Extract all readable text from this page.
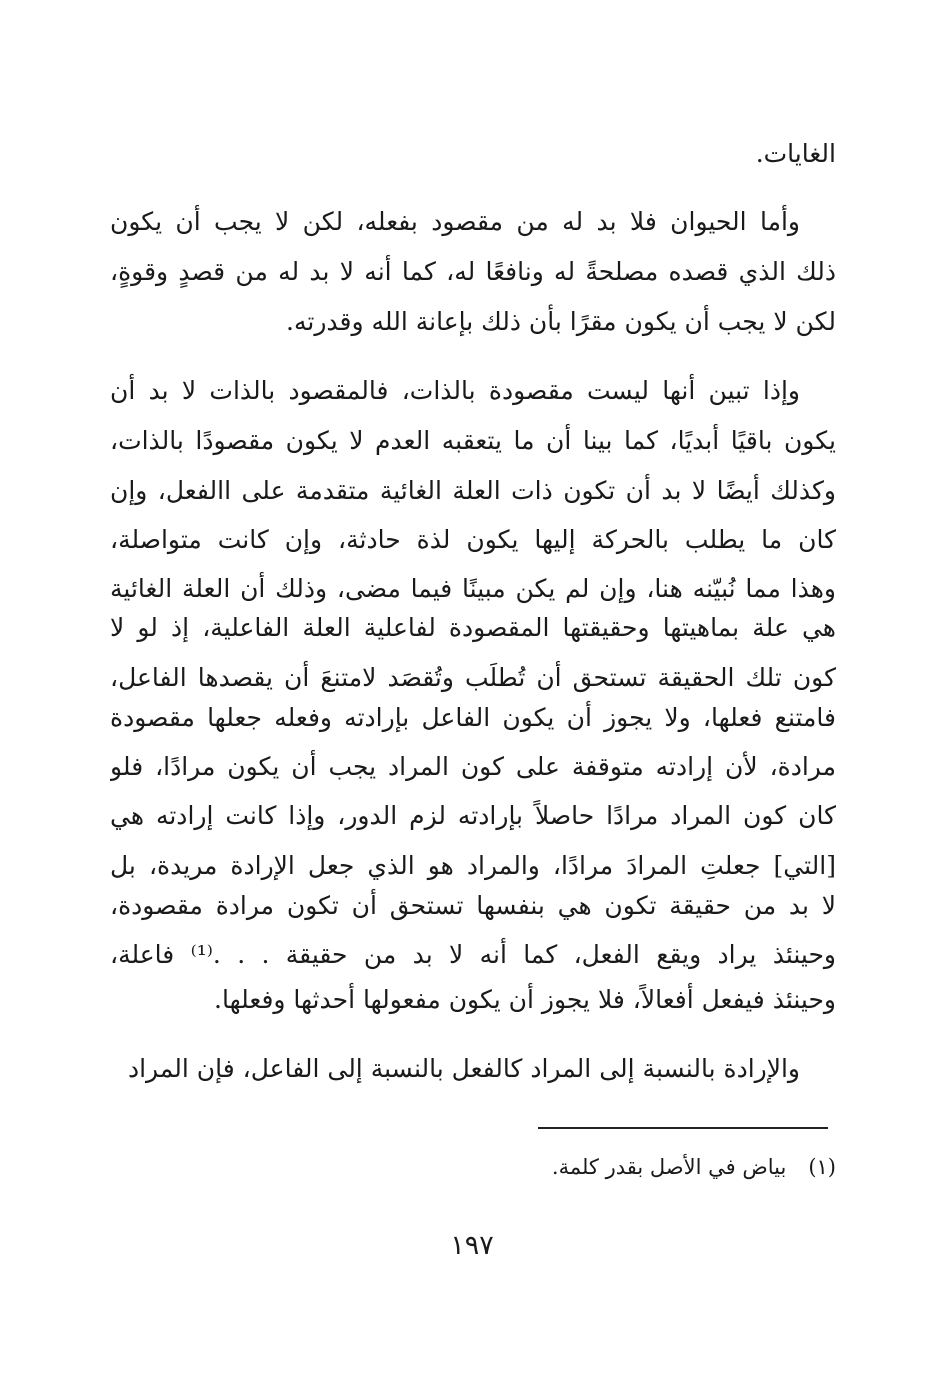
الغايات.
وأما الحيوان فلا بد له من مقصود بفعله، لكن لا يجب أن يكون
ذلك الذي قصده مصلحةً له ونافعًا له، كما أنه لا بد له من قصدٍ وقوةٍ،
لكن لا يجب أن يكون مقرًا بأن ذلك بإعانة الله وقدرته.
وإذا تبين أنها ليست مقصودة بالذات، فالمقصود بالذات لا بد أن
يكون باقيًا أبديًا، كما بينا أن ما يتعقبه العدم لا يكون مقصودًا بالذات،
وكذلك أيضًا لا بد أن تكون ذات العلة الغائية متقدمة على االفعل، وإن
كان ما يطلب بالحركة إليها يكون لذة حادثة، وإن كانت متواصلة،
وهذا مما نُبيّنه هنا، وإن لم يكن مبينًا فيما مضى، وذلك أن العلة الغائية
هي علة بماهيتها وحقيقتها المقصودة لفاعلية العلة الفاعلية، إذ لو لا
كون تلك الحقيقة تستحق أن تُطلَب وتُقصَد لامتنعَ أن يقصدها الفاعل،
فامتنع فعلها، ولا يجوز أن يكون الفاعل بإرادته وفعله جعلها مقصودة
مرادة، لأن إرادته متوقفة على كون المراد يجب أن يكون مرادًا، فلو
كان كون المراد مرادًا حاصلاً بإرادته لزم الدور، وإذا كانت إرادته هي
[التي] جعلتِ المرادَ مرادًا، والمراد هو الذي جعل الإرادة مريدة، بل
لا بد من حقيقة تكون هي بنفسها تستحق أن تكون مرادة مقصودة،
وحينئذ يراد ويقع الفعل، كما أنه لا بد من حقيقة . . .⁽¹⁾ فاعلة،
وحينئذ فيفعل أفعالاً، فلا يجوز أن يكون مفعولها أحدثها وفعلها.
والإرادة بالنسبة إلى المراد كالفعل بالنسبة إلى الفاعل، فإن المراد
(١)بياض في الأصل بقدر كلمة.
١٩٧
